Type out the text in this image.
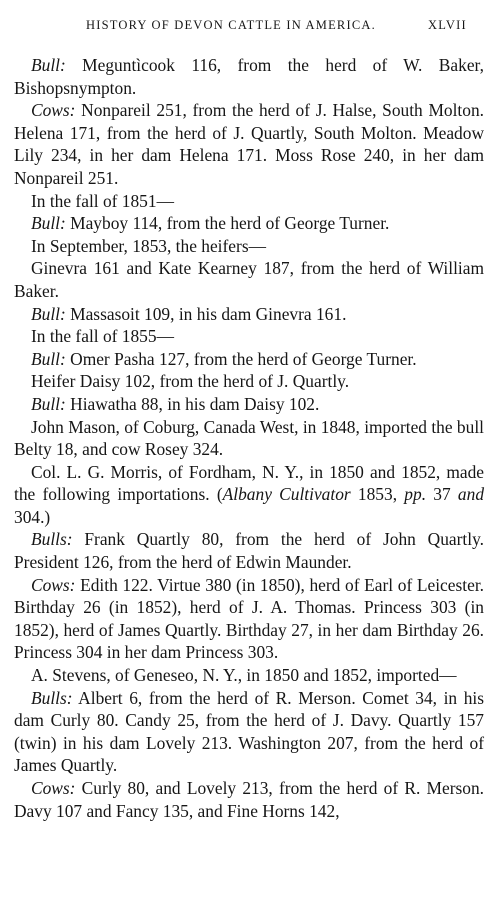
HISTORY OF DEVON CATTLE IN AMERICA.	XLVII

Bull: Meguntìcook 116, from the herd of W. Baker, Bishopsnympton.

Cows: Nonpareil 251, from the herd of J. Halse, South Molton. Helena 171, from the herd of J. Quartly, South Molton. Meadow Lily 234, in her dam Helena 171. Moss Rose 240, in her dam Nonpareil 251.

In the fall of 1851—

Bull: Mayboy 114, from the herd of George Turner.

In September, 1853, the heifers—

Ginevra 161 and Kate Kearney 187, from the herd of William Baker.

Bull: Massasoit 109, in his dam Ginevra 161.

In the fall of 1855—

Bull: Omer Pasha 127, from the herd of George Turner.

Heifer Daisy 102, from the herd of J. Quartly.

Bull: Hiawatha 88, in his dam Daisy 102.

John Mason, of Coburg, Canada West, in 1848, imported the bull Belty 18, and cow Rosey 324.

Col. L. G. Morris, of Fordham, N. Y., in 1850 and 1852, made the following importations. (Albany Cultivator 1853, pp. 37 and 304.)

Bulls: Frank Quartly 80, from the herd of John Quartly. President 126, from the herd of Edwin Maunder.

Cows: Edith 122. Virtue 380 (in 1850), herd of Earl of Leicester. Birthday 26 (in 1852), herd of J. A. Thomas. Princess 303 (in 1852), herd of James Quartly. Birthday 27, in her dam Birthday 26. Princess 304 in her dam Princess 303.

A. Stevens, of Geneseo, N. Y., in 1850 and 1852, imported—

Bulls: Albert 6, from the herd of R. Merson. Comet 34, in his dam Curly 80. Candy 25, from the herd of J. Davy. Quartly 157 (twin) in his dam Lovely 213. Washington 207, from the herd of James Quartly.

Cows: Curly 80, and Lovely 213, from the herd of R. Merson. Davy 107 and Fancy 135, and Fine Horns 142,
